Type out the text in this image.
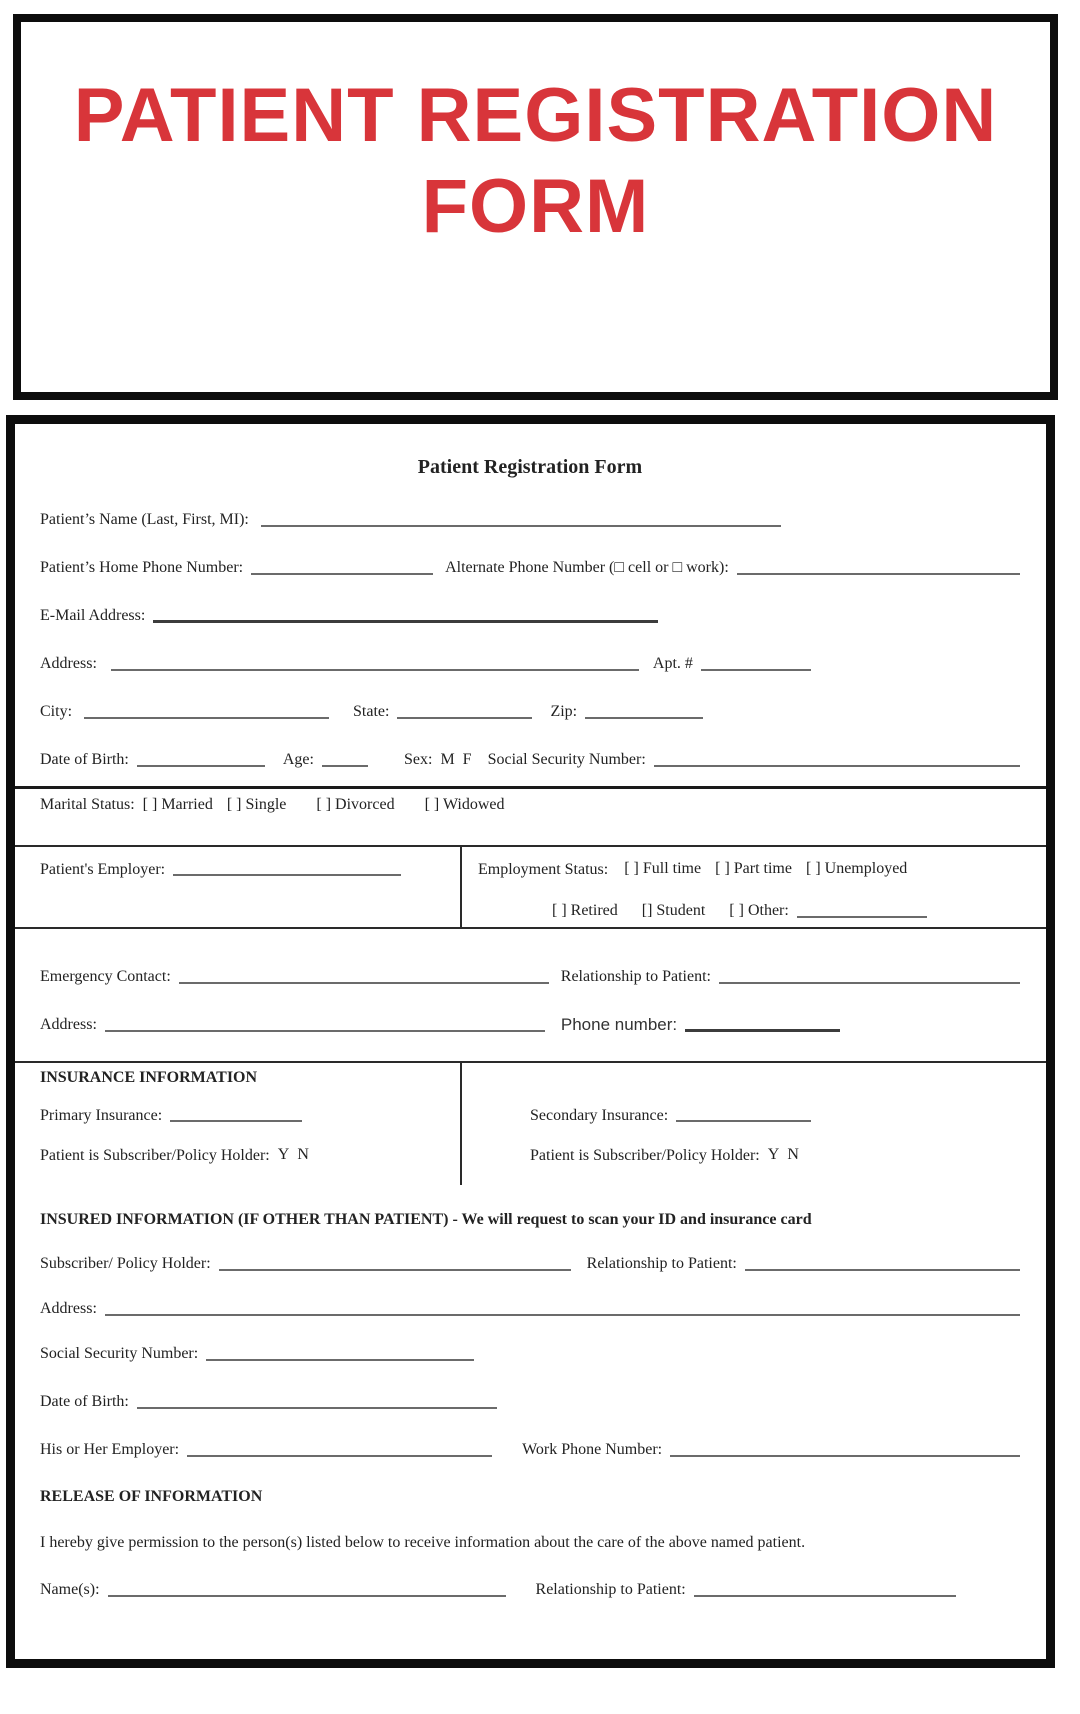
PATIENT REGISTRATION FORM
Patient Registration Form
Patient’s Name (Last, First, MI):
Patient’s Home Phone Number:	Alternate Phone Number (□ cell or □ work):
E-Mail Address:
Address:	Apt. #
City:	State:	Zip:
Date of Birth:	Age:	Sex: M F Social Security Number:
Marital Status: [ ] Married [ ] Single [ ] Divorced [ ] Widowed
Patient's Employer:	Employment Status: [ ] Full time [ ] Part time [ ] Unemployed
[ ] Retired [] Student [ ] Other:
Emergency Contact:	Relationship to Patient:
Address:	Phone number:
INSURANCE INFORMATION
Primary Insurance:
Patient is Subscriber/Policy Holder: Y N
Secondary Insurance:
Patient is Subscriber/Policy Holder: Y N
INSURED INFORMATION (IF OTHER THAN PATIENT) - We will request to scan your ID and insurance card
Subscriber/ Policy Holder:	Relationship to Patient:
Address:
Social Security Number:
Date of Birth:
His or Her Employer:	Work Phone Number:
RELEASE OF INFORMATION
I hereby give permission to the person(s) listed below to receive information about the care of the above named patient.
Name(s):	Relationship to Patient:
